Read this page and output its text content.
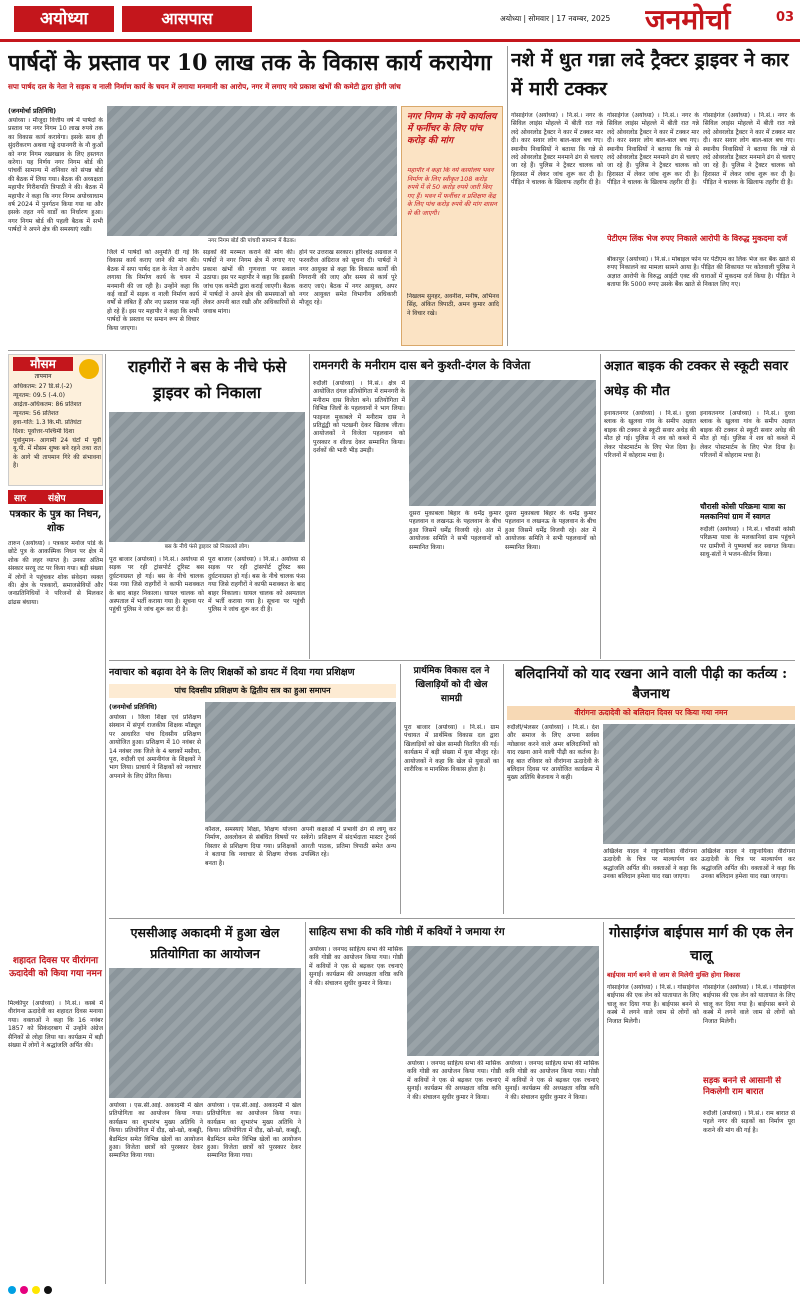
अयोध्या	आसपास	अयोध्या | सोमवार | 17 नवम्बर, 2025	जनमोर्चा	03
पार्षदों के प्रस्ताव पर 10 लाख तक के विकास कार्य करायेगा
सपा पार्षद दल के नेता ने सड़क व नाली निर्माण कार्य के चयन में लगाया मनमानी का आरोप, नगर में लगाए गये प्रकाश खंभों की कमेटी द्वारा होगी जांच
(जनमोर्चा प्रतिनिधि)
अयोध्या । मौजूदा वित्तीय वर्ष में पार्षदों के प्रस्ताव पर नगर निगम 10 लाख रुपये तक का विकास कार्य करायेगा। इसके साथ ही सुंदरीकरण अथवा गड्ढे दयानगरी के नौ कुओं को नगर निगम रखरखाव के लिए हस्तगत करेगा। यह निर्णय नगर निगम बोर्ड की पांचवीं सामान्य में शनिवार को संपन्न बोर्ड की बैठक में लिया गया। बैठक की अध्यक्षता महापौर गिरीशपति त्रिपाठी ने की। बैठक में महापौर ने कहा कि नगर निगम अयोध्याधाम वर्ष 2024 में पुनर्गठन किया गया था और इसके तहत नये वार्डों का निर्धारण हुआ। नगर निगम बोर्ड की पहली बैठक में सभी पार्षदों ने अपने क्षेत्र की समस्याएं रखी।
नगर निगम बोर्ड की पांचवी सामान्य में बैठक।
जिले में पार्षदों को अनुमति दी गई कि विकास कार्य कराए जाने की मांग की। बैठक में सपा पार्षद दल के नेता ने आरोप लगाया कि निर्माण कार्य के चयन में मनमानी की जा रही है। उन्होंने कहा कि कई वार्डों में सड़क व नाली निर्माण कार्य वर्षों से लंबित हैं और नए प्रस्ताव पास नहीं हो रहे हैं। इस पर महापौर ने कहा कि सभी पार्षदों के प्रस्ताव पर समान रूप से विचार किया जाएगा।
सड़कों की मरम्मत कराने की मांग की। पार्षदों ने नगर निगम क्षेत्र में लगाए गए प्रकाश खंभों की गुणवत्ता पर सवाल उठाया। इस पर महापौर ने कहा कि इसकी जांच एक कमेटी द्वारा कराई जाएगी। बैठक में पार्षदों ने अपने क्षेत्र की समस्याओं को लेकर अपनी बात रखी और अधिकारियों से जवाब मांगा।
होने पर उत्तराख सरकार। हरिश्चंद्र अग्रवाल ने फरवरीज अंग्रिराज को सूचना दी। पार्षदों ने नगर आयुक्त से कहा कि विकास कार्यों की निगरानी की जाए और समय से कार्य पूरे कराए जाएं। बैठक में नगर आयुक्त, अपर नगर आयुक्त समेत विभागीय अधिकारी मौजूद रहे।
नगर निगम के नये कार्यालय में फर्नीचर के लिए पांच करोड़ की मांग
महापौर ने कहा कि नये कार्यालय भवन निर्माण के लिए स्वीकृत 108 करोड़ रुपये में से 50 करोड़ रुपये जारी किए गए हैं। भवन में फर्नीचर व प्रशिक्षण केंद्र के लिए पांच करोड़ रुपये की मांग शासन से की जाएगी।
निखलम सुनहर, अवनीश, मनीष, अभिनव सिंह, अंकित त्रिपाठी, अमन कुमार आदि ने विचार रखे।
नशे में धुत गन्ना लदे ट्रैक्टर ड्राइवर ने कार में मारी टक्कर
गोसाईगंज (अयोध्या) । नि.सं.। नगर के सिविल लाइंस मोहल्ले में बीती रात गन्ने लदे ओवरलोड ट्रैक्टर ने कार में टक्कर मार दी। कार सवार लोग बाल-बाल बच गए। स्थानीय निवासियों ने बताया कि गन्ने से लदे ओवरलोड ट्रैक्टर मनमाने ढंग से चलाए जा रहे हैं। पुलिस ने ट्रैक्टर चालक को हिरासत में लेकर जांच शुरू कर दी है। पीड़ित ने चालक के खिलाफ तहरीर दी है।
गोसाईगंज (अयोध्या) । नि.सं.। नगर के सिविल लाइंस मोहल्ले में बीती रात गन्ने लदे ओवरलोड ट्रैक्टर ने कार में टक्कर मार दी। कार सवार लोग बाल-बाल बच गए। स्थानीय निवासियों ने बताया कि गन्ने से लदे ओवरलोड ट्रैक्टर मनमाने ढंग से चलाए जा रहे हैं। पुलिस ने ट्रैक्टर चालक को हिरासत में लेकर जांच शुरू कर दी है। पीड़ित ने चालक के खिलाफ तहरीर दी है।
गोसाईगंज (अयोध्या) । नि.सं.। नगर के सिविल लाइंस मोहल्ले में बीती रात गन्ने लदे ओवरलोड ट्रैक्टर ने कार में टक्कर मार दी। कार सवार लोग बाल-बाल बच गए। स्थानीय निवासियों ने बताया कि गन्ने से लदे ओवरलोड ट्रैक्टर मनमाने ढंग से चलाए जा रहे हैं। पुलिस ने ट्रैक्टर चालक को हिरासत में लेकर जांच शुरू कर दी है। पीड़ित ने चालक के खिलाफ तहरीर दी है।
पेटीएम लिंक भेज रुपए निकाले आरोपी के विरुद्ध मुकदमा दर्ज
बीकापुर (अयोध्या) । नि.सं.। मोबाइल फोन पर पेटीएम का लिंक भेज कर बैंक खाते से रुपए निकालने का मामला सामने आया है। पीड़ित की शिकायत पर कोतवाली पुलिस ने अज्ञात आरोपी के विरुद्ध आईटी एक्ट की धाराओं में मुकदमा दर्ज किया है। पीड़ित ने बताया कि 5000 रुपए उसके बैंक खाते से निकाल लिए गए।
मौसम
तापमान
अधिकतम: 27 डि.से.(-2)
न्यूनतम: 09.5 (-4.0)
आर्द्रता-अधिकतम: 86 प्रतिशत
न्यूनतम: 56 प्रतिशत
हवा-गति: 1.3 कि.मी. प्रतिघंटा
दिशा: पूर्वोत्तर-पश्चिमी दिशा
पूर्वानुमान- आगामी 24 घंटों में पूर्वी यू.पी. में मौसम शुष्क बने रहने तथा रात के आगे भी तापमान गिरे की संभावना है।
सार	संक्षेप
पत्रकार के पुत्र का निधन, शोक
तारुन (अयोध्या) । पत्रकार मनोज पांडे के छोटे पुत्र के आकस्मिक निधन पर क्षेत्र में शोक की लहर व्याप्त है। उनका अंतिम संस्कार सरयू तट पर किया गया। बड़ी संख्या में लोगों ने पहुंचकर शोक संवेदना व्यक्त की। क्षेत्र के पत्रकारों, समाजसेवियों और जनप्रतिनिधियों ने परिजनों से मिलकर ढांढस बंधाया।
शहादत दिवस पर वीरांगना ऊदादेवी को किया गया नमन
मिल्कीपुर (अयोध्या) । नि.सं.। कस्बे में वीरांगना ऊदादेवी का शहादत दिवस मनाया गया। वक्ताओं ने कहा कि 16 नवंबर 1857 को सिकंदरबाग में उन्होंने अंग्रेज सैनिकों से लोहा लिया था। कार्यक्रम में बड़ी संख्या में लोगों ने श्रद्धांजलि अर्पित की।
राहगीरों ने बस के नीचे फंसे ड्राइवर को निकाला
बस के नीचे फंसे ड्राइवर को निकालते लोग।
पूरा बाजार (अयोध्या) । नि.सं.। अयोध्या से सड़क पर रही ट्रांसपोर्ट टूरिस्ट बस दुर्घटनाग्रस्त हो गई। बस के नीचे चालक फंस गया जिसे राहगीरों ने काफी मशक्कत के बाद बाहर निकाला। घायल चालक को अस्पताल में भर्ती कराया गया है। सूचना पर पहुंची पुलिस ने जांच शुरू कर दी है।
पूरा बाजार (अयोध्या) । नि.सं.। अयोध्या से सड़क पर रही ट्रांसपोर्ट टूरिस्ट बस दुर्घटनाग्रस्त हो गई। बस के नीचे चालक फंस गया जिसे राहगीरों ने काफी मशक्कत के बाद बाहर निकाला। घायल चालक को अस्पताल में भर्ती कराया गया है। सूचना पर पहुंची पुलिस ने जांच शुरू कर दी है।
रामनगरी के मनीराम दास बने कुश्ती-दंगल के विजेता
रुदौली (अयोध्या) । नि.सं.। क्षेत्र में आयोजित दंगल प्रतियोगिता में रामनगरी के मनीराम दास विजेता बने। प्रतियोगिता में विभिन्न जिलों के पहलवानों ने भाग लिया। फाइनल मुकाबले में मनीराम दास ने प्रतिद्वंद्वी को पटखनी देकर खिताब जीता। आयोजकों ने विजेता पहलवान को पुरस्कार व शील्ड देकर सम्मानित किया। दर्शकों की भारी भीड़ उमड़ी।
दूसरा मुकाबला बिहार के धर्मेंद्र कुमार पहलवान व लखनऊ के पहलवान के बीच हुआ जिसमें धर्मेंद्र विजयी रहे। अंत में आयोजक समिति ने सभी पहलवानों को सम्मानित किया।
दूसरा मुकाबला बिहार के धर्मेंद्र कुमार पहलवान व लखनऊ के पहलवान के बीच हुआ जिसमें धर्मेंद्र विजयी रहे। अंत में आयोजक समिति ने सभी पहलवानों को सम्मानित किया।
अज्ञात बाइक की टक्कर से स्कूटी सवार अधेड़ की मौत
इनायतनगर (अयोध्या) । नि.सं.। दुध्वा ब्लाक के खुलवा गांव के समीप अज्ञात बाइक की टक्कर से स्कूटी सवार अधेड़ की मौत हो गई। पुलिस ने शव को कब्जे में लेकर पोस्टमार्टम के लिए भेज दिया है। परिजनों में कोहराम मचा है।
इनायतनगर (अयोध्या) । नि.सं.। दुध्वा ब्लाक के खुलवा गांव के समीप अज्ञात बाइक की टक्कर से स्कूटी सवार अधेड़ की मौत हो गई। पुलिस ने शव को कब्जे में लेकर पोस्टमार्टम के लिए भेज दिया है। परिजनों में कोहराम मचा है।
चौरासी कोसी परिक्रमा यात्रा का मलकानियां ग्राम में स्वागत
रुदौली (अयोध्या) । नि.सं.। चौरासी कोसी परिक्रमा यात्रा के मलकानियां ग्राम पहुंचने पर ग्रामीणों ने पुष्पवर्षा कर स्वागत किया। साधु-संतों ने भजन-कीर्तन किया।
नवाचार को बढ़ावा देने के लिए शिक्षकों को डायट में दिया गया प्रशिक्षण
पांच दिवसीय प्रशिक्षण के द्वितीय सत्र का हुआ समापन
(जनमोर्चा प्रतिनिधि)
अयोध्या । जिला शिक्षा एवं प्रशिक्षण संस्थान में संपूर्ण राजकीय शिक्षक मॉड्यूल पर आधारित पांच दिवसीय प्रशिक्षण आयोजित हुआ। प्रशिक्षण में 10 नवंबर से 14 नवंबर तक जिले के 4 ब्लाकों मसौधा, पूरा, रुदौली एवं अमानीगंज के शिक्षकों ने भाग लिया। प्राचार्य ने शिक्षकों को नवाचार अपनाने के लिए प्रेरित किया।
कौशल, समस्याएं शिक्षा, शिक्षण योजना निर्माण, अवलोकन से संबंधित विषयों पर विस्तार से प्रशिक्षण दिया गया। प्रशिक्षकों ने बताया कि नवाचार से शिक्षण रोचक बनता है।
अपनी कक्षाओं में प्रभावी ढंग से लागू कर सकेंगे। प्रशिक्षण में संदर्भदाता मास्टर ट्रेनर्स आरती पाठक, प्रतिमा त्रिपाठी समेत अन्य उपस्थित रहे।
प्रार्थमिक विकास दल ने खिलाड़ियों को दी खेल सामग्री
पूरा बाजार (अयोध्या) । नि.सं.। ग्राम पंचायत में प्रार्थमिक विकास दल द्वारा खिलाड़ियों को खेल सामग्री वितरित की गई। कार्यक्रम में बड़ी संख्या में युवा मौजूद रहे। आयोजकों ने कहा कि खेल से युवाओं का शारीरिक व मानसिक विकास होता है।
बलिदानियों को याद रखना आने वाली पीढ़ी का कर्तव्य : बैजनाथ
वीरांगना ऊदादेवी को बलिदान दिवस पर किया गया नमन
रुदौली/भेलसर (अयोध्या) । नि.सं.। देश और समाज के लिए अपना सर्वस्व न्योछावर करने वाले अमर बलिदानियों को याद रखना आने वाली पीढ़ी का कर्तव्य है। यह बात रविवार को वीरांगना ऊदादेवी के बलिदान दिवस पर आयोजित कार्यक्रम में मुख्य अतिथि बैजनाथ ने कही।
अखिलेश यादव ने राष्ट्रनायिका वीरांगना ऊदादेवी के चित्र पर माल्यार्पण कर श्रद्धांजलि अर्पित की। वक्ताओं ने कहा कि उनका बलिदान हमेशा याद रखा जाएगा।
अखिलेश यादव ने राष्ट्रनायिका वीरांगना ऊदादेवी के चित्र पर माल्यार्पण कर श्रद्धांजलि अर्पित की। वक्ताओं ने कहा कि उनका बलिदान हमेशा याद रखा जाएगा।
एससीआइ अकादमी में हुआ खेल प्रतियोगिता का आयोजन
अयोध्या । एस.सी.आई. अकादमी में खेल प्रतियोगिता का आयोजन किया गया। कार्यक्रम का शुभारंभ मुख्य अतिथि ने किया। प्रतियोगिता में दौड़, खो-खो, कबड्डी, बैडमिंटन समेत विभिन्न खेलों का आयोजन हुआ। विजेता छात्रों को पुरस्कार देकर सम्मानित किया गया।
अयोध्या । एस.सी.आई. अकादमी में खेल प्रतियोगिता का आयोजन किया गया। कार्यक्रम का शुभारंभ मुख्य अतिथि ने किया। प्रतियोगिता में दौड़, खो-खो, कबड्डी, बैडमिंटन समेत विभिन्न खेलों का आयोजन हुआ। विजेता छात्रों को पुरस्कार देकर सम्मानित किया गया।
साहित्य सभा की कवि गोष्ठी में कवियों ने जमाया रंग
अयोध्या । जनपद साहित्य सभा की मासिक कवि गोष्ठी का आयोजन किया गया। गोष्ठी में कवियों ने एक से बढ़कर एक रचनाएं सुनाईं। कार्यक्रम की अध्यक्षता वरिष्ठ कवि ने की। संचालन सुधीर कुमार ने किया।
अयोध्या । जनपद साहित्य सभा की मासिक कवि गोष्ठी का आयोजन किया गया। गोष्ठी में कवियों ने एक से बढ़कर एक रचनाएं सुनाईं। कार्यक्रम की अध्यक्षता वरिष्ठ कवि ने की। संचालन सुधीर कुमार ने किया।
अयोध्या । जनपद साहित्य सभा की मासिक कवि गोष्ठी का आयोजन किया गया। गोष्ठी में कवियों ने एक से बढ़कर एक रचनाएं सुनाईं। कार्यक्रम की अध्यक्षता वरिष्ठ कवि ने की। संचालन सुधीर कुमार ने किया।
गोसाईंगंज बाईपास मार्ग की एक लेन चालू
बाईपास मार्ग बनने से जाम से मिलेगी मुक्ति होगा विकास
गोसाईगंज (अयोध्या) । नि.सं.। गोसाईगंज बाईपास की एक लेन को यातायात के लिए चालू कर दिया गया है। बाईपास बनने से कस्बे में लगने वाले जाम से लोगों को निजात मिलेगी।
गोसाईगंज (अयोध्या) । नि.सं.। गोसाईगंज बाईपास की एक लेन को यातायात के लिए चालू कर दिया गया है। बाईपास बनने से कस्बे में लगने वाले जाम से लोगों को निजात मिलेगी।
सड़क बनने से आसानी से निकलेगी राम बारात
रुदौली (अयोध्या) । नि.सं.। राम बारात से पहले नगर की सड़कों का निर्माण पूरा कराने की मांग की गई है।
